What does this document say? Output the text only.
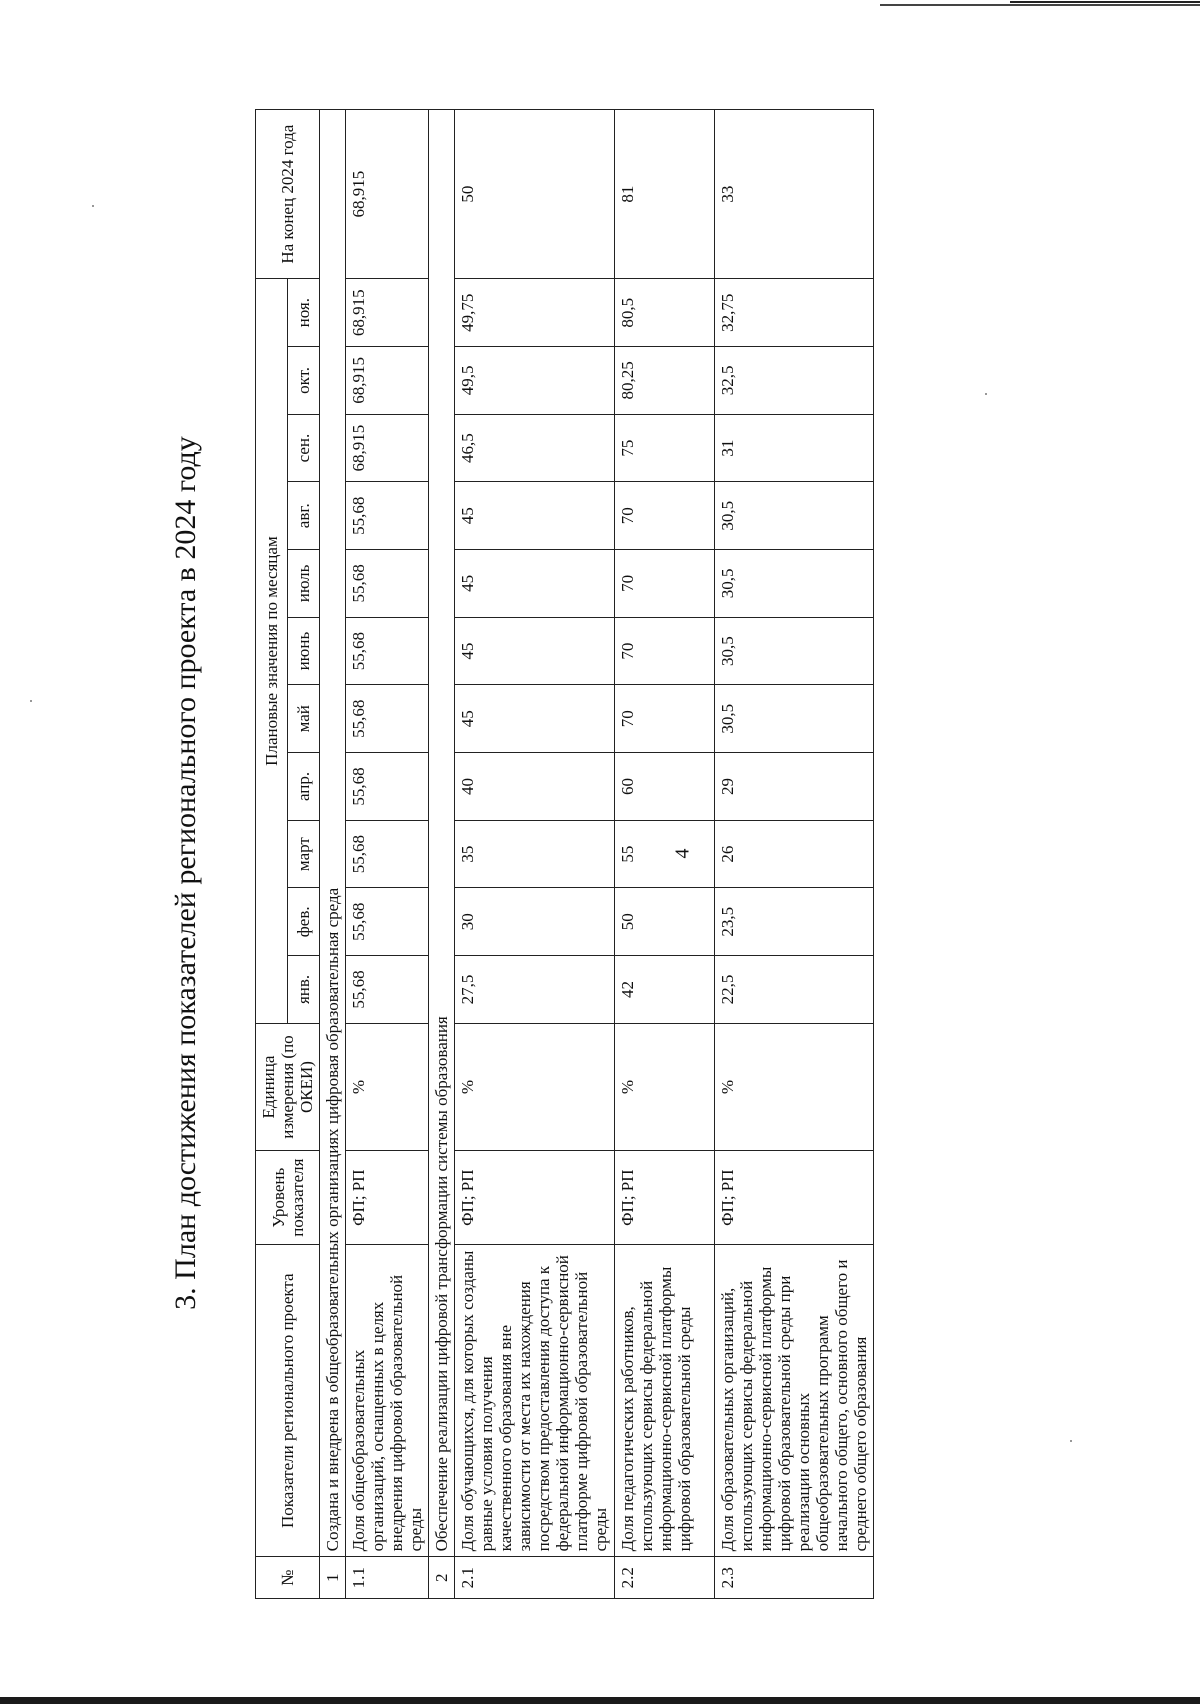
4
3. План достижения показателей регионального проекта в 2024 году
№	Показатели регионального проекта	Уровень показателя	Единица измерения (по ОКЕИ)	Плановые значения по месяцам											На конец 2024 года
				янв.	фев.	март	апр.	май	июнь	июль	авг.	сен.	окт.	ноя.	
1	Создана и внедрена в общеобразовательных организациях цифровая образовательная среда														
1.1	Доля общеобразовательных организаций, оснащенных в целях внедрения цифровой образовательной среды	ФП; РП	%	55,68	55,68	55,68	55,68	55,68	55,68	55,68	55,68	68,915	68,915	68,915	68,915
2	Обеспечение реализации цифровой трансформации системы образования														
2.1	Доля обучающихся, для которых созданы равные условия получения качественного образования вне зависимости от места их нахождения посредством предоставления доступа к федеральной информационно-сервисной платформе цифровой образовательной среды	ФП; РП	%	27,5	30	35	40	45	45	45	45	46,5	49,5	49,75	50
2.2	Доля педагогических работников, использующих сервисы федеральной информационно-сервисной платформы цифровой образовательной среды	ФП; РП	%	42	50	55	60	70	70	70	70	75	80,25	80,5	81
2.3	Доля образовательных организаций, использующих сервисы федеральной информационно-сервисной платформы цифровой образовательной среды при реализации основных общеобразовательных программ начального общего, основного общего и среднего общего образования	ФП; РП	%	22,5	23,5	26	29	30,5	30,5	30,5	30,5	31	32,5	32,75	33
